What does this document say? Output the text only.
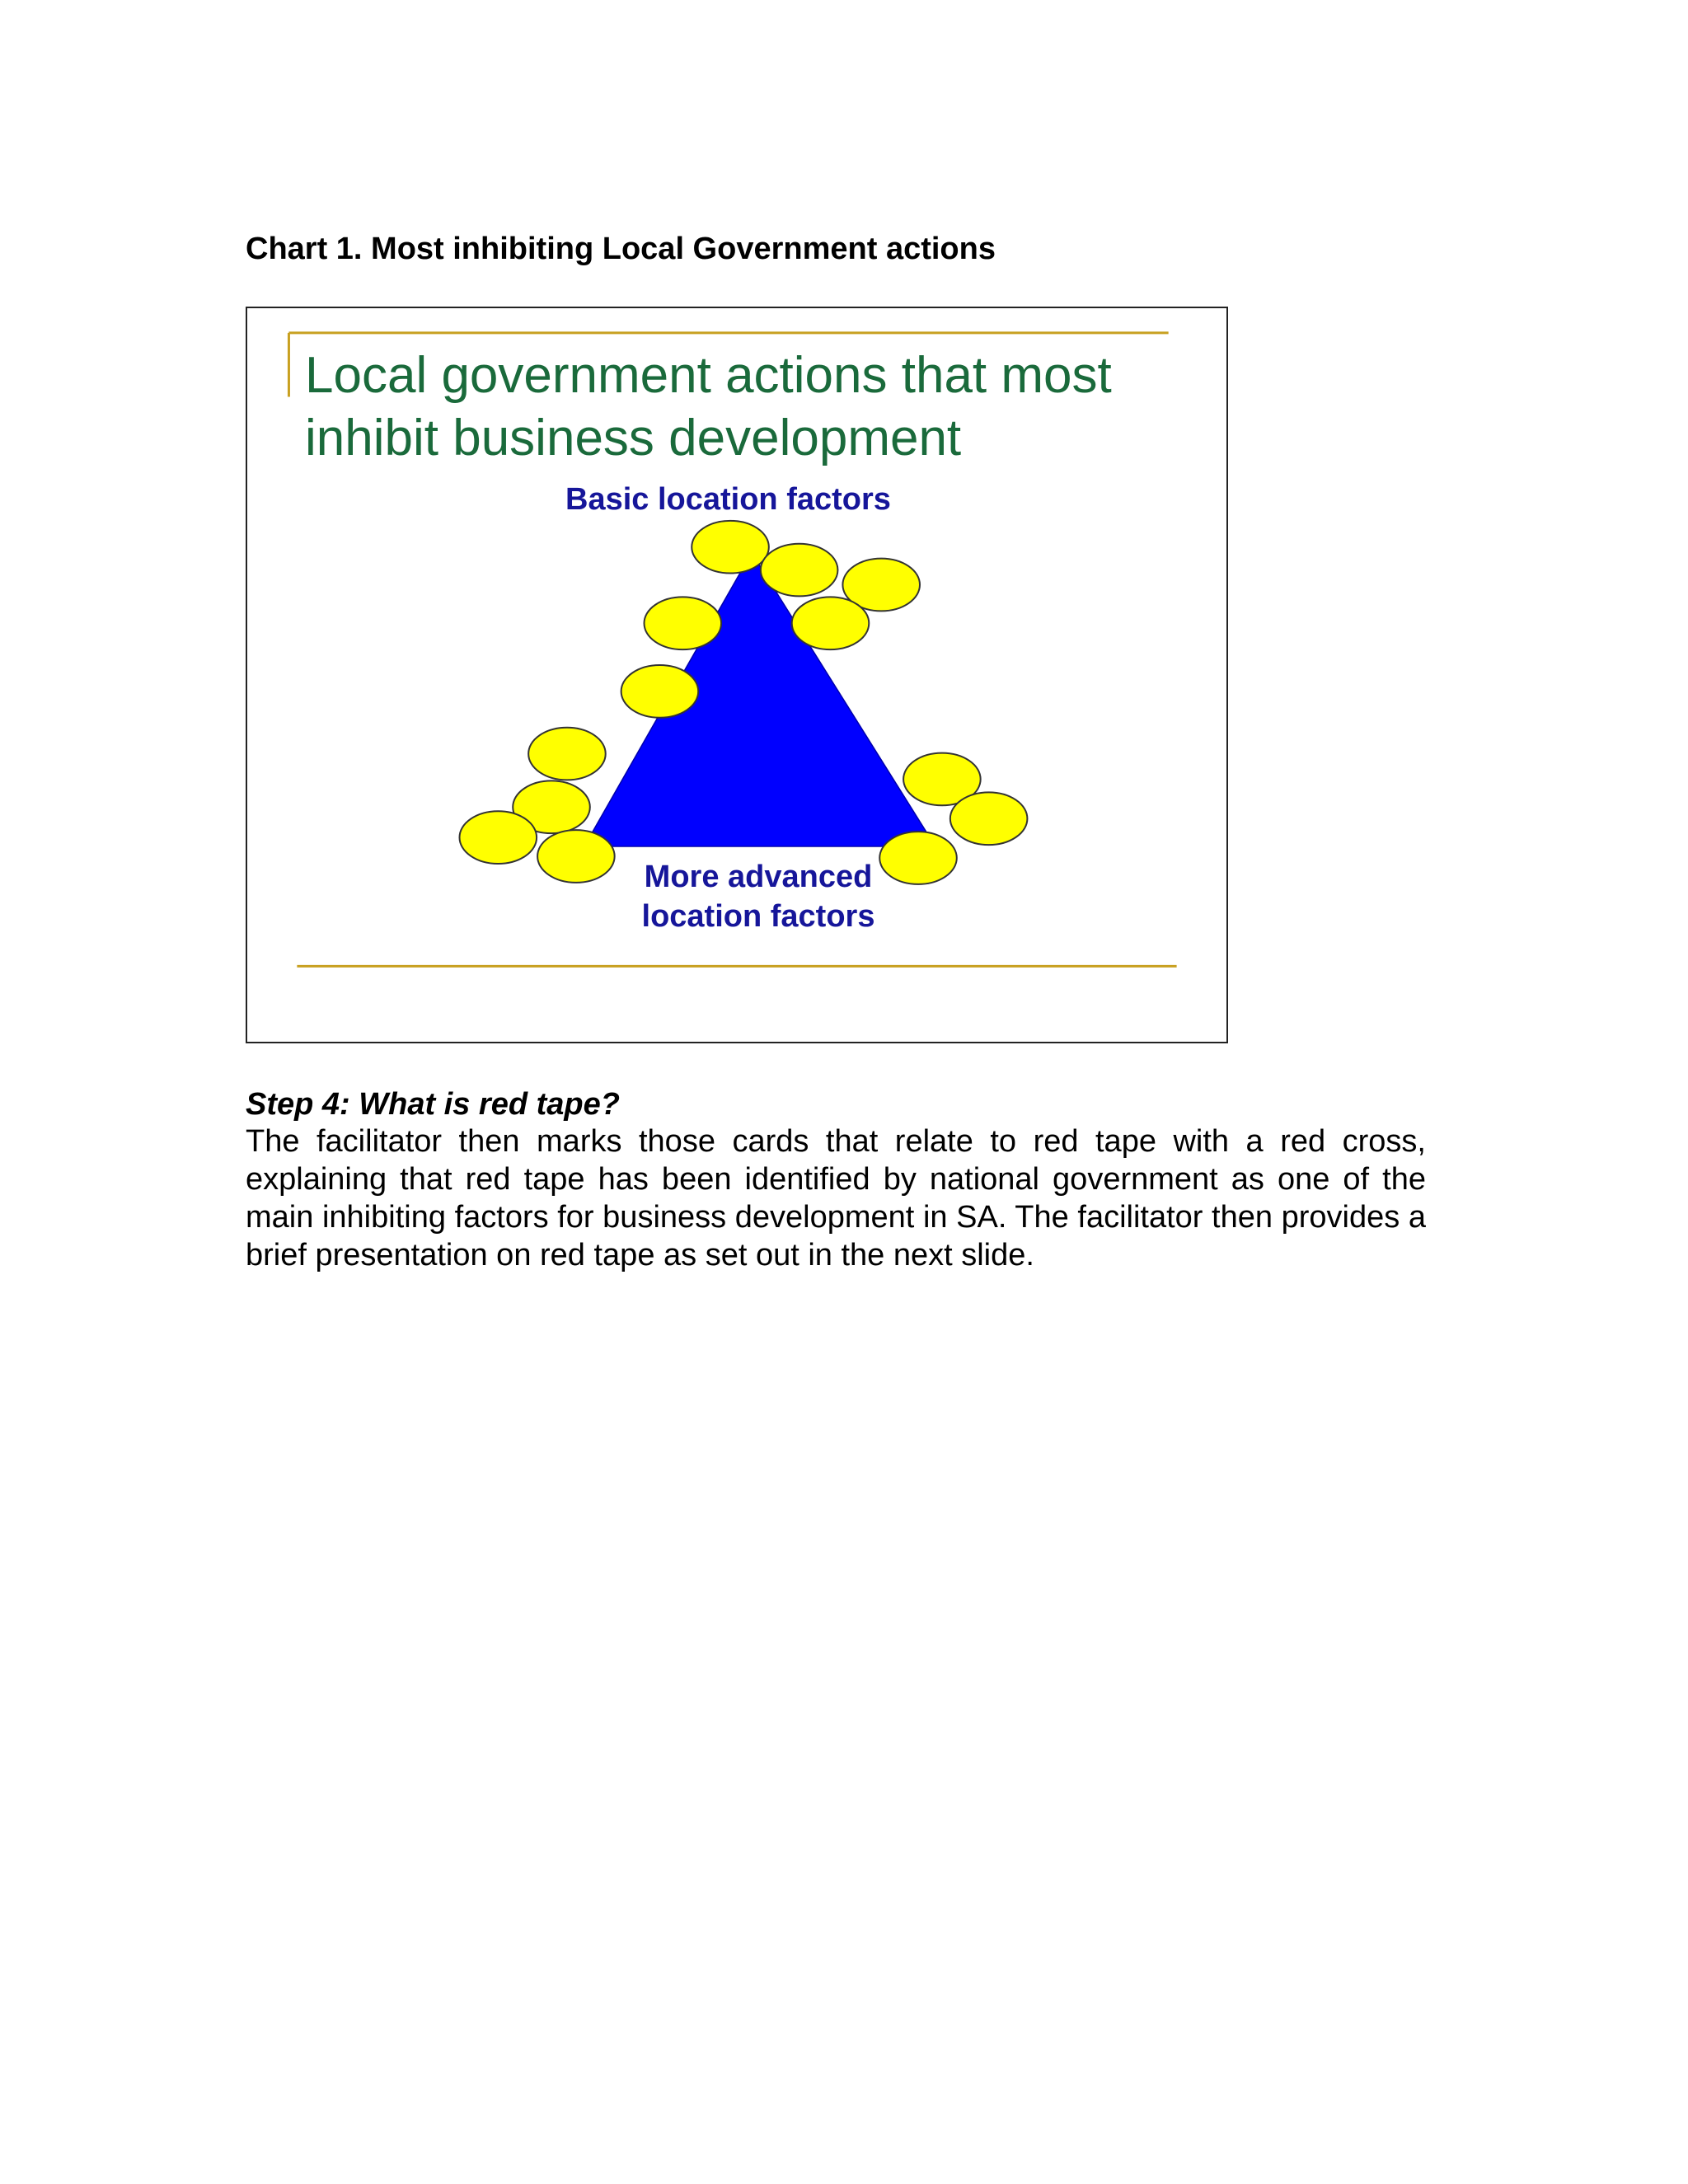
Chart 1. Most inhibiting Local Government actions
Local government actions that most inhibit business development
Basic location factors
More advanced location factors
Step 4: What is red tape?

The facilitator then marks those cards that relate to red tape with a red cross, explaining that red tape has been identified by national government as one of the main inhibiting factors for business development in SA. The facilitator then provides a brief presentation on red tape as set out in the next slide.
